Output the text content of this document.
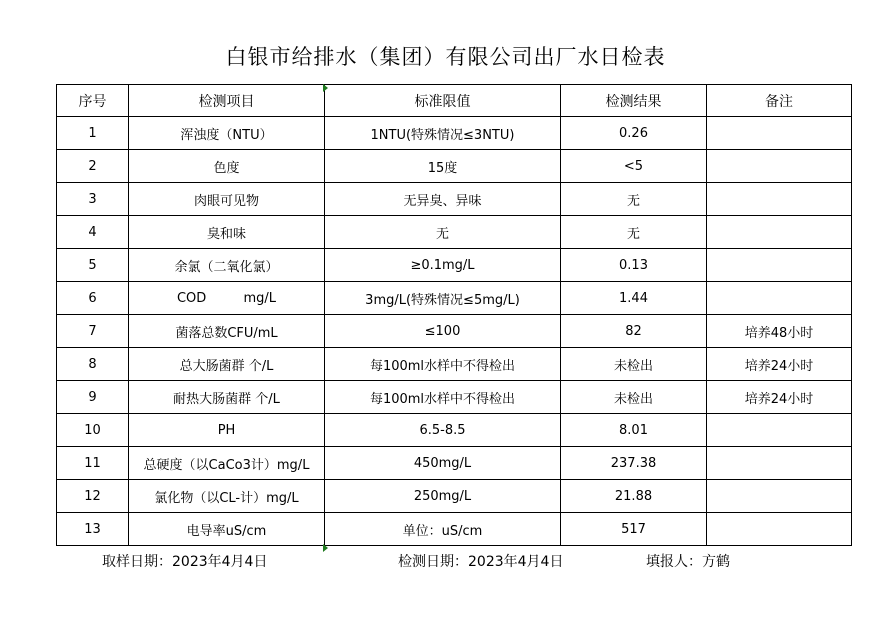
白银市给排水（集团）有限公司出厂水日检表
序号	检测项目	标准限值	检测结果	备注
1	浑浊度（NTU）	1NTU(特殊情况≤3NTU)	0.26	
2	色度	15度	<5	
3	肉眼可见物	无异臭、异味	无	
4	臭和味	无	无	
5	余氯（二氧化氯）	≥0.1mg/L	0.13	
6	COD         mg/L	3mg/L(特殊情况≤5mg/L)	1.44	
7	菌落总数CFU/mL	≤100	82	培养48小时
8	总大肠菌群 个/L	每100ml水样中不得检出	未检出	培养24小时
9	耐热大肠菌群 个/L	每100ml水样中不得检出	未检出	培养24小时
10	PH	6.5-8.5	8.01	
11	总硬度（以CaCo3计）mg/L	450mg/L	237.38	
12	氯化物（以CL-计）mg/L	250mg/L	21.88	
13	电导率uS/cm	单位：uS/cm	517	
取样日期：2023年4月4日	检测日期：2023年4月4日	填报人：方鹤
